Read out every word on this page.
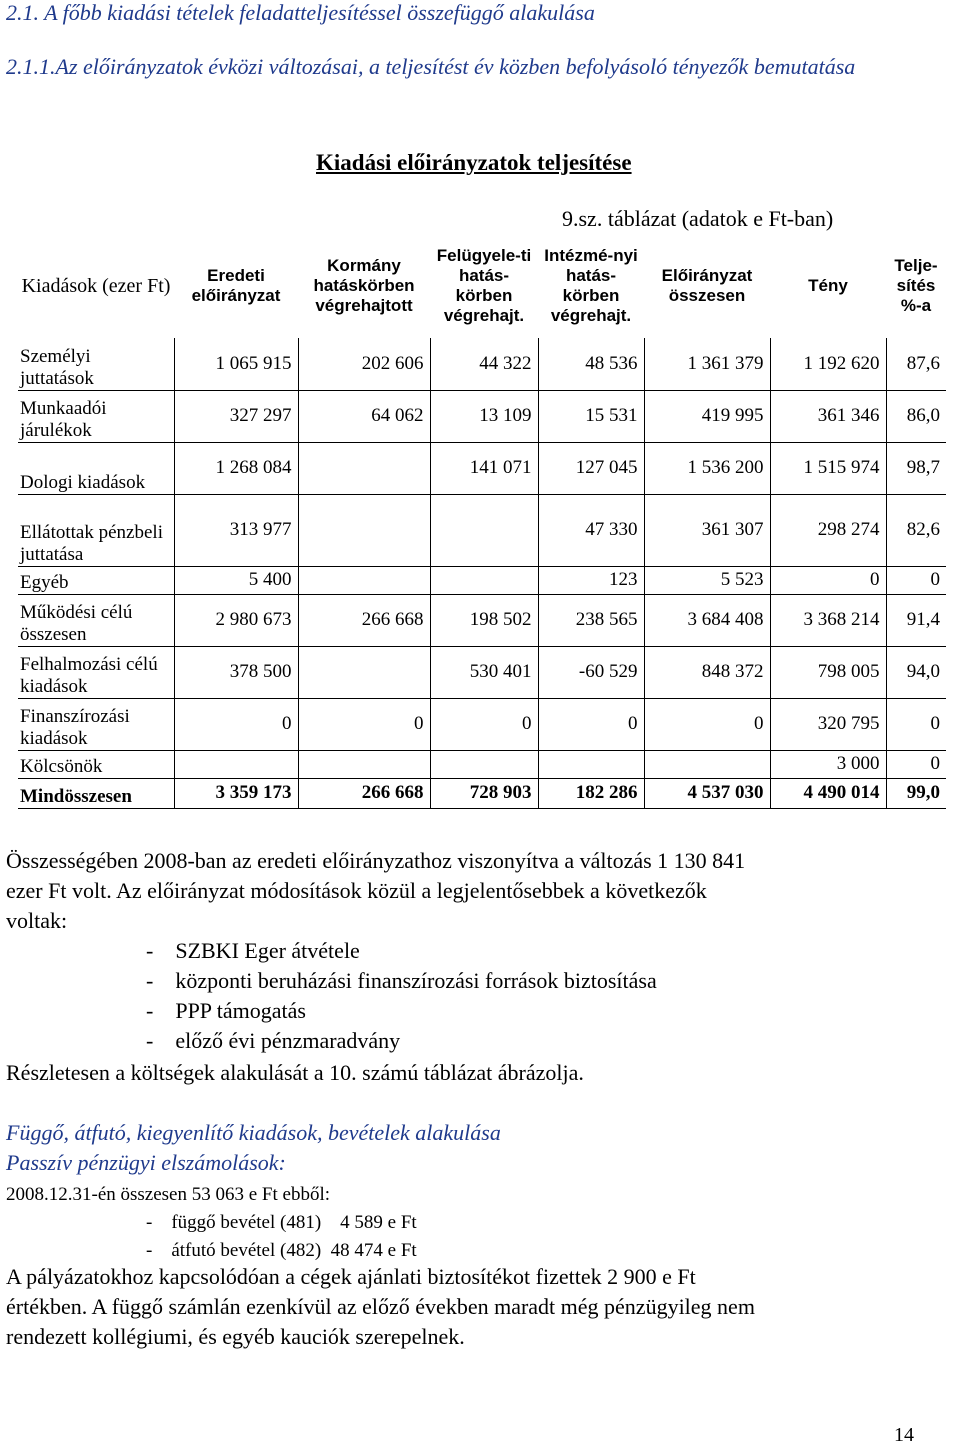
2.1. A főbb kiadási tételek feladatteljesítéssel összefüggő alakulása
2.1.1.Az előirányzatok évközi változásai, a teljesítést év közben befolyásoló tényezők bemutatása
Kiadási előirányzatok teljesítése
9.sz. táblázat (adatok e Ft-ban)
Kiadások (ezer Ft)	Eredeti előirányzat	Kormány hatáskörben végrehajtott	Felügyele-ti hatás-körben végrehajt.	Intézmé-nyi hatás-körben végrehajt.	Előirányzat összesen	Tény	Telje-sítés %-a
Személyi juttatások	1 065 915	202 606	44 322	48 536	1 361 379	1 192 620	87,6
Munkaadói járulékok	327 297	64 062	13 109	15 531	419 995	361 346	86,0
Dologi kiadások	1 268 084		141 071	127 045	1 536 200	1 515 974	98,7
Ellátottak pénzbeli juttatása	313 977			47 330	361 307	298 274	82,6
Egyéb	5 400			123	5 523	0	0
Működési célú összesen	2 980 673	266 668	198 502	238 565	3 684 408	3 368 214	91,4
Felhalmozási célú kiadások	378 500		530 401	-60 529	848 372	798 005	94,0
Finanszírozási kiadások	0	0	0	0	0	320 795	0
Kölcsönök						3 000	0
Mindösszesen	3 359 173	266 668	728 903	182 286	4 537 030	4 490 014	99,0
Összességében 2008-ban az eredeti előirányzathoz viszonyítva a változás 1 130 841
ezer Ft volt. Az előirányzat módosítások közül a legjelentősebbek a következők
voltak:
-    SZBKI Eger átvétele
-    központi beruházási finanszírozási források biztosítása
-    PPP támogatás
-    előző évi pénzmaradvány
Részletesen a költségek alakulását a 10. számú táblázat ábrázolja.
Függő, átfutó, kiegyenlítő kiadások, bevételek alakulása
Passzív pénzügyi elszámolások:
2008.12.31-én összesen 53 063 e Ft ebből:
-    függő bevétel (481)    4 589 e Ft
-    átfutó bevétel (482)  48 474 e Ft
A pályázatokhoz kapcsolódóan a cégek ajánlati biztosítékot fizettek 2 900 e Ft
értékben. A függő számlán ezenkívül az előző években maradt még pénzügyileg nem
rendezett kollégiumi, és egyéb kauciók szerepelnek.
14
